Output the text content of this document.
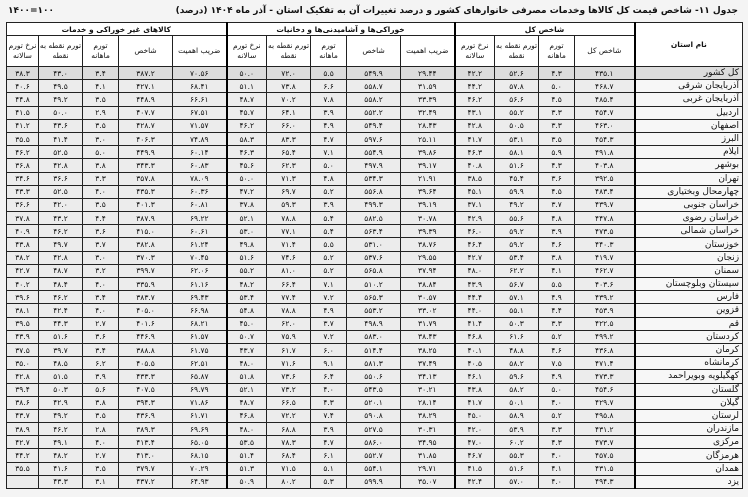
جدول ۱۱- شاخص قیمت کل کالاها وخدمات مصرفی خانوارهای کشور و درصد تغییرات آن به تفکیک استان - آذر ماه ۱۴۰۴ (درصد)
۱۴۰۰=۱۰۰
نام استان	شاخص کل				خوراکی‌ها و آشامیدنی‌ها و دخانیات					کالاهای غیر خوراکی و خدمات				
	شاخص کل	تورم ماهانه	تورم نقطه به نقطه	نرخ تورم سالانه	ضریب اهمیت	شاخص	تورم ماهانه	تورم نقطه به نقطه	نرخ تورم سالانه	ضریب اهمیت	شاخص	تورم ماهانه	تورم نقطه به نقطه	نرخ تورم سالانه
کل کشور	۴۳۵.۱	۴.۳	۵۲.۶	۴۲.۲	۲۹.۴۴	۵۴۹.۹	۵.۵	۷۲.۰	۵۰.۰	۷۰.۵۶	۳۸۷.۲	۳.۴	۴۳.۰	۳۸.۳
آذربایجان شرقی	۴۶۸.۷	۵.۰	۵۷.۸	۴۴.۲	۳۱.۵۹	۵۵۸.۷	۶.۶	۷۳.۸	۵۱.۱	۶۸.۴۱	۴۲۷.۱	۴.۱	۴۹.۵	۴۰.۶
آذربایجان غربی	۴۸۵.۴	۴.۵	۵۶.۶	۴۶.۲	۳۳.۳۹	۵۵۸.۲	۷.۸	۷۰.۲	۴۸.۷	۶۶.۶۱	۴۴۸.۹	۳.۵	۴۹.۲	۴۴.۸
اردبیل	۴۵۴.۷	۳.۳	۵۵.۲	۴۳.۱	۳۲.۴۹	۵۵۲.۲	۳.۹	۶۴.۱	۴۵.۷	۶۷.۵۱	۴۰۷.۷	۲.۹	۵۰.۰	۴۱.۵
اصفهان	۴۶۳.۰	۳.۳	۵۰.۵	۴۲.۸	۲۸.۴۳	۵۴۹.۴	۴.۹	۶۶.۰	۴۶.۲	۷۱.۵۷	۴۲۸.۷	۳.۵	۴۳.۶	۴۱.۲
البرز	۴۵۴.۳	۳.۵	۵۳.۱	۴۱.۷	۲۵.۱۱	۵۹۷.۶	۴.۷	۸۳.۳	۵۸.۳	۷۴.۸۹	۴۰۶.۳	۳.۰	۴۱.۴	۳۵.۵
ایلام	۴۹۱.۸	۵.۹	۵۸.۱	۴۶.۳	۳۹.۸۶	۵۵۴.۹	۷.۱	۶۵.۴	۴۶.۳	۶۰.۱۴	۴۴۹.۹	۵.۰	۵۲.۵	۴۶.۲
بوشهر	۴۰۳.۸	۴.۳	۵۱.۶	۴۰.۸	۳۹.۱۷	۴۹۷.۹	۵.۰	۶۲.۳	۴۵.۶	۶۰.۸۳	۳۴۳.۳	۳.۸	۴۲.۸	۳۶.۸
تهران	۳۹۲.۵	۳.۶	۴۵.۴	۳۸.۵	۲۱.۹۱	۵۳۴.۳	۴.۸	۷۱.۳	۵۰.۰	۷۸.۰۹	۳۵۷.۸	۳.۳	۳۶.۶	۳۴.۶
چهارمحال وبختیاری	۴۸۳.۴	۴.۵	۵۹.۹	۴۵.۱	۳۹.۶۴	۵۵۶.۸	۵.۲	۶۹.۷	۴۷.۲	۶۰.۳۶	۴۳۵.۳	۴.۰	۵۲.۵	۴۳.۳
خراسان جنوبی	۴۳۹.۷	۳.۷	۴۹.۲	۳۷.۱	۳۹.۱۹	۴۹۹.۳	۳.۹	۵۹.۳	۳۷.۸	۶۰.۸۱	۴۰۱.۳	۳.۵	۴۲.۰	۳۶.۶
خراسان رضوی	۴۴۷.۸	۴.۸	۵۵.۶	۴۲.۹	۳۰.۷۸	۵۸۲.۵	۵.۴	۷۸.۸	۵۲.۱	۶۹.۲۲	۳۸۷.۹	۴.۴	۴۳.۲	۳۷.۸
خراسان شمالی	۴۷۳.۵	۳.۹	۵۹.۲	۴۶.۰	۳۹.۳۹	۵۶۳.۴	۵.۴	۷۷.۱	۵۳.۰	۶۰.۶۱	۴۱۵.۰	۳.۶	۴۶.۲	۴۰.۹
خوزستان	۴۴۰.۳	۴.۶	۵۹.۲	۴۶.۴	۳۸.۷۶	۵۳۱.۰	۵.۵	۷۱.۴	۴۹.۸	۶۱.۲۴	۳۸۲.۸	۳.۷	۴۹.۷	۴۳.۸
زنجان	۴۱۹.۷	۳.۸	۵۳.۴	۴۲.۷	۲۹.۵۵	۵۳۷.۶	۵.۲	۷۴.۶	۵۱.۶	۷۰.۴۵	۳۷۰.۳	۳.۰	۴۲.۸	۳۸.۲
سمنان	۴۶۲.۷	۴.۱	۶۲.۲	۴۸.۰	۳۷.۹۴	۵۶۵.۸	۵.۲	۸۱.۰	۵۵.۲	۶۲.۰۶	۳۹۹.۷	۳.۲	۴۸.۷	۴۲.۷
سیستان وبلوچستان	۴۰۳.۶	۵.۵	۵۶.۷	۴۳.۹	۳۸.۸۴	۵۱۰.۲	۷.۱	۶۶.۴	۴۸.۲	۶۱.۱۶	۳۳۵.۹	۴.۰	۴۸.۴	۴۰.۲
فارس	۴۳۹.۲	۴.۹	۵۷.۱	۴۴.۴	۳۰.۵۷	۵۶۵.۳	۷.۲	۷۷.۴	۵۳.۴	۶۹.۴۳	۳۸۳.۷	۳.۴	۴۶.۲	۳۹.۶
قزوین	۴۵۳.۹	۴.۴	۵۵.۱	۴۴.۰	۳۳.۰۲	۵۵۳.۲	۴.۹	۷۸.۸	۵۴.۸	۶۶.۹۸	۴۰۵.۰	۴.۰	۴۲.۴	۳۸.۱
قم	۴۲۲.۵	۳.۳	۵۰.۳	۴۱.۴	۳۱.۷۹	۴۹۸.۹	۳.۷	۶۲.۰	۴۵.۰	۶۸.۲۱	۴۰۱.۶	۲.۷	۴۴.۳	۳۹.۵
کردستان	۴۹۹.۲	۵.۲	۶۱.۶	۴۶.۸	۳۸.۴۳	۵۸۳.۰	۷.۲	۷۵.۹	۵۰.۷	۶۱.۵۷	۴۴۶.۹	۳.۶	۵۱.۶	۴۳.۹
کرمان	۴۳۶.۸	۴.۶	۴۸.۸	۴۰.۱	۳۸.۲۵	۵۱۴.۴	۶.۰	۶۱.۷	۴۳.۷	۶۱.۷۵	۳۸۸.۸	۳.۴	۳۹.۷	۳۷.۵
کرمانشاه	۴۷۱.۴	۷.۵	۵۸.۲	۴۰.۵	۳۷.۴۹	۵۸۱.۳	۹.۱	۷۱.۶	۴۸.۰	۶۲.۵۱	۴۰۵.۵	۶.۲	۴۸.۵	۳۵.۰
کهگیلویه وبویراحمد	۴۷۳.۳	۴.۹	۵۹.۶	۴۶.۱	۳۴.۱۳	۵۵۰.۶	۶.۴	۷۳.۶	۵۱.۸	۶۵.۸۷	۴۳۳.۳	۳.۹	۵۱.۵	۴۲.۸
گلستان	۴۵۴.۶	۵.۰	۵۸.۲	۴۳.۸	۳۰.۲۱	۵۴۳.۵	۴.۰	۷۳.۲	۵۲.۱	۶۹.۷۹	۴۰۷.۵	۵.۶	۵۰.۳	۳۹.۴
گیلان	۴۲۹.۷	۴.۰	۵۰.۱	۴۱.۷	۲۸.۱۴	۵۲۰.۱	۴.۳	۶۶.۵	۴۸.۷	۷۱.۸۶	۳۹۴.۳	۳.۸	۴۲.۹	۳۸.۶
لرستان	۴۹۵.۸	۵.۲	۵۸.۹	۴۵.۰	۳۸.۲۹	۵۹۰.۸	۷.۴	۷۲.۲	۴۶.۸	۶۱.۷۱	۴۳۶.۹	۳.۵	۴۹.۲	۴۳.۷
مازندران	۴۳۱.۲	۳.۳	۵۳.۹	۴۲.۰	۳۰.۳۱	۵۲۷.۵	۳.۹	۶۸.۸	۴۸.۰	۶۹.۶۹	۳۸۹.۳	۲.۸	۴۶.۲	۳۸.۹
مرکزی	۴۷۳.۷	۴.۳	۶۰.۲	۴۷.۰	۳۴.۹۵	۵۸۶.۰	۴.۷	۷۸.۳	۵۳.۵	۶۵.۰۵	۴۱۳.۴	۴.۰	۴۹.۱	۴۲.۷
هرمزگان	۴۵۷.۵	۴.۰	۵۵.۳	۴۶.۷	۳۱.۸۵	۵۵۲.۷	۶.۱	۶۸.۴	۵۱.۴	۶۸.۱۵	۴۱۳.۰	۲.۷	۴۸.۲	۴۴.۲
همدان	۴۳۱.۵	۴.۱	۵۱.۶	۴۱.۵	۲۹.۷۱	۵۵۴.۱	۵.۱	۷۱.۵	۵۱.۳	۷۰.۲۹	۳۷۹.۷	۳.۵	۴۱.۶	۳۵.۵
یزد	۴۹۴.۳	۴.۰	۵۷.۰	۴۲.۴	۳۵.۰۷	۵۹۹.۹	۵.۳	۸۰.۲	۵۰.۹	۶۴.۹۳	۴۳۷.۲	۳.۱	۴۳.۳	
